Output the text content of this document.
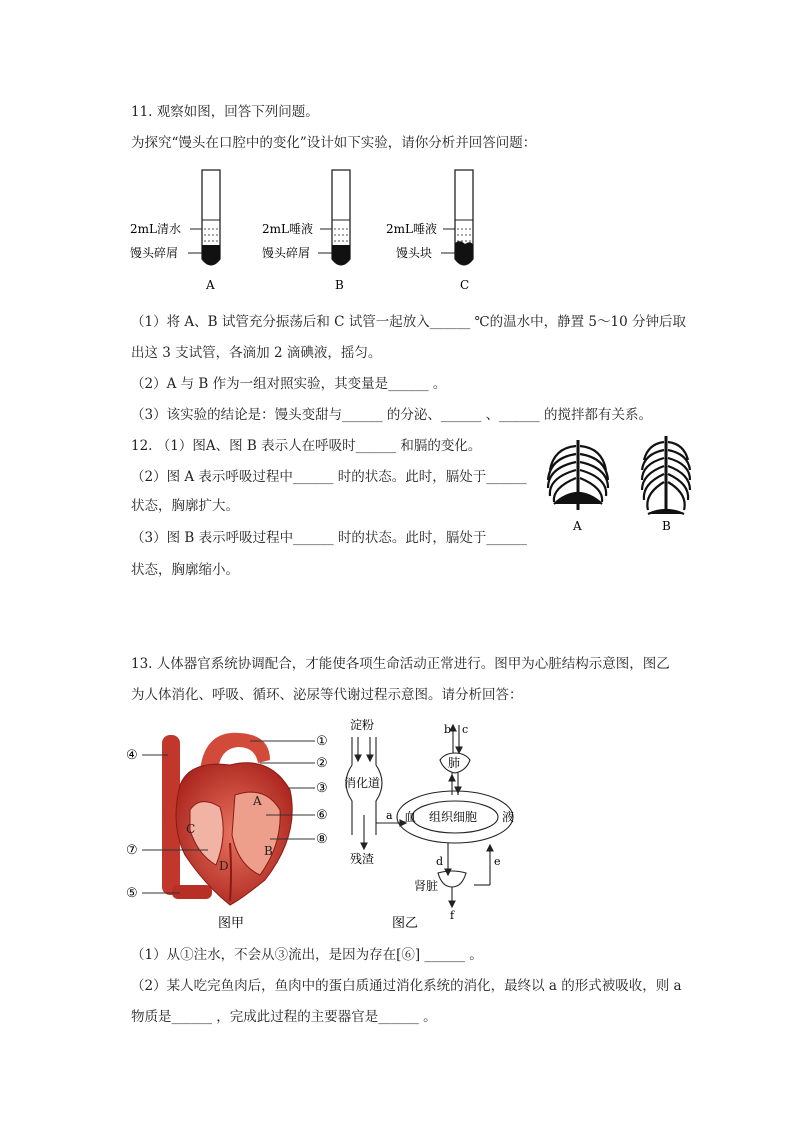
11. 观察如图，回答下列问题。
为探究“馒头在口腔中的变化”设计如下实验，请你分析并回答问题：
2mL清水
馒头碎屑
A
2mL唾液
馒头碎屑
B
2mL唾液
馒头块
C
（1）将 A、B 试管充分振荡后和 C 试管一起放入______ ℃的温水中，静置 5～10 分钟后取
出这 3 支试管，各滴加 2 滴碘液，摇匀。
（2）A 与 B 作为一组对照实验，其变量是______ 。
（3）该实验的结论是：馒头变甜与______ 的分泌、______ 、______ 的搅拌都有关系。
12. （1）图A、图 B 表示人在呼吸时______ 和膈的变化。
（2）图 A 表示呼吸过程中______ 时的状态。此时，膈处于______
状态，胸廓扩大。
（3）图 B 表示呼吸过程中______ 时的状态。此时，膈处于______
状态，胸廓缩小。
A	B
13. 人体器官系统协调配合，才能使各项生命活动正常进行。图甲为心脏结构示意图，图乙
为人体消化、呼吸、循环、泌尿等代谢过程示意图。请分析回答：
①
②
③
④
⑤
⑥
⑦
⑧
A
B
C
D
图甲
淀粉
消化道
残渣
a
b c
肺
血 组织细胞 液
d	e
肾脏
f
图乙
（1）从①注水，不会从③流出，是因为存在[⑥] ______ 。
（2）某人吃完鱼肉后，鱼肉中的蛋白质通过消化系统的消化，最终以 a 的形式被吸收，则 a
物质是______ ，完成此过程的主要器官是______ 。
